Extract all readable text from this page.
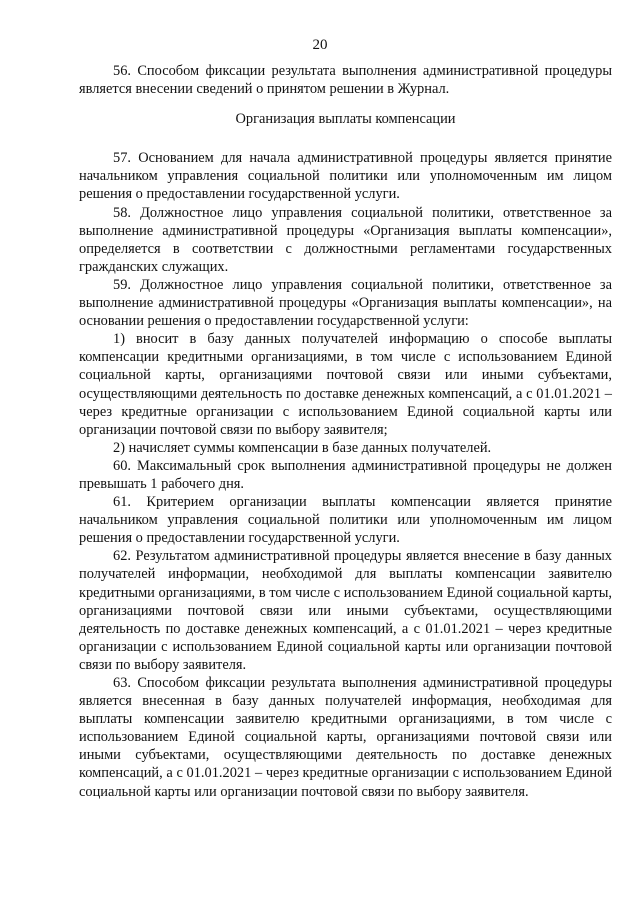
20

56. Способом фиксации результата выполнения административной процедуры является внесении сведений о принятом решении в Журнал.

Организация выплаты компенсации

57. Основанием для начала административной процедуры является принятие начальником управления социальной политики или уполномоченным им лицом решения о предоставлении государственной услуги.

58. Должностное лицо управления социальной политики, ответственное за выполнение административной процедуры «Организация выплаты компенсации», определяется в соответствии с должностными регламентами государственных гражданских служащих.

59. Должностное лицо управления социальной политики, ответственное за выполнение административной процедуры «Организация выплаты компенсации», на основании решения о предоставлении государственной услуги:

1) вносит в базу данных получателей информацию о способе выплаты компенсации кредитными организациями, в том числе с использованием Единой социальной карты, организациями почтовой связи или иными субъектами, осуществляющими деятельность по доставке денежных компенсаций, а с 01.01.2021 – через кредитные организации с использованием Единой социальной карты или организации почтовой связи по выбору заявителя;

2) начисляет суммы компенсации в базе данных получателей.

60. Максимальный срок выполнения административной процедуры не должен превышать 1 рабочего дня.

61. Критерием организации выплаты компенсации является принятие начальником управления социальной политики или уполномоченным им лицом решения о предоставлении государственной услуги.

62. Результатом административной процедуры является внесение в базу данных получателей информации, необходимой для выплаты компенсации заявителю кредитными организациями, в том числе с использованием Единой социальной карты, организациями почтовой связи или иными субъектами, осуществляющими деятельность по доставке денежных компенсаций, а с 01.01.2021 – через кредитные организации с использованием Единой социальной карты или организации почтовой связи по выбору заявителя.

63. Способом фиксации результата выполнения административной процедуры является внесенная в базу данных получателей информация, необходимая для выплаты компенсации заявителю кредитными организациями, в том числе с использованием Единой социальной карты, организациями почтовой связи или иными субъектами, осуществляющими деятельность по доставке денежных компенсаций, а с 01.01.2021 – через кредитные организации с использованием Единой социальной карты или организации почтовой связи по выбору заявителя.
